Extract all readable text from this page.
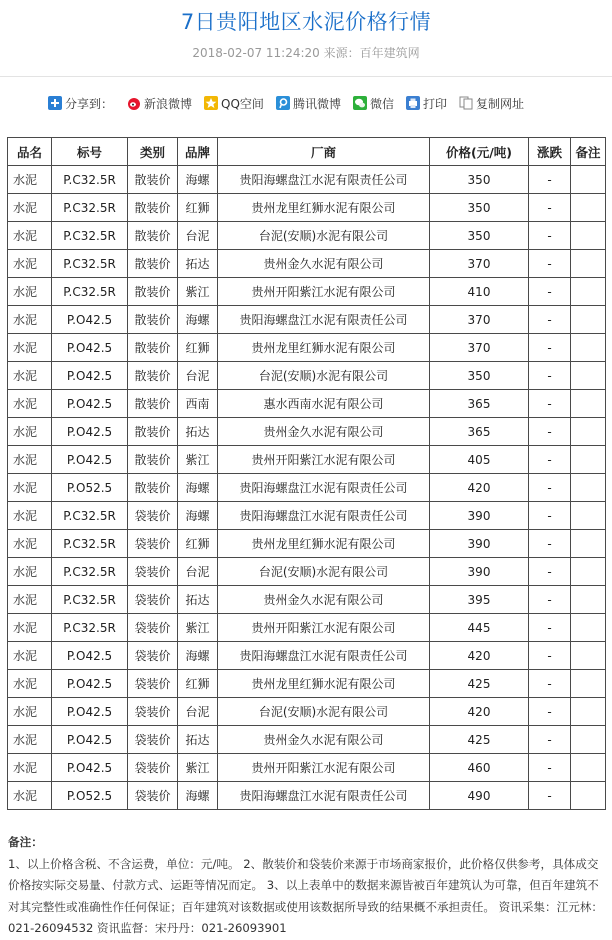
7日贵阳地区水泥价格行情
2018-02-07 11:24:20 来源：百年建筑网
分享到：	新浪微博 QQ空间 腾讯微博 微信 打印 复制网址
品名	标号	类别	品牌	厂商	价格(元/吨)	涨跌	备注
水泥	P.C32.5R	散装价	海螺	贵阳海螺盘江水泥有限责任公司	350	-	
水泥	P.C32.5R	散装价	红狮	贵州龙里红狮水泥有限公司	350	-	
水泥	P.C32.5R	散装价	台泥	台泥(安顺)水泥有限公司	350	-	
水泥	P.C32.5R	散装价	拓达	贵州金久水泥有限公司	370	-	
水泥	P.C32.5R	散装价	紫江	贵州开阳紫江水泥有限公司	410	-	
水泥	P.O42.5	散装价	海螺	贵阳海螺盘江水泥有限责任公司	370	-	
水泥	P.O42.5	散装价	红狮	贵州龙里红狮水泥有限公司	370	-	
水泥	P.O42.5	散装价	台泥	台泥(安顺)水泥有限公司	350	-	
水泥	P.O42.5	散装价	西南	惠水西南水泥有限公司	365	-	
水泥	P.O42.5	散装价	拓达	贵州金久水泥有限公司	365	-	
水泥	P.O42.5	散装价	紫江	贵州开阳紫江水泥有限公司	405	-	
水泥	P.O52.5	散装价	海螺	贵阳海螺盘江水泥有限责任公司	420	-	
水泥	P.C32.5R	袋装价	海螺	贵阳海螺盘江水泥有限责任公司	390	-	
水泥	P.C32.5R	袋装价	红狮	贵州龙里红狮水泥有限公司	390	-	
水泥	P.C32.5R	袋装价	台泥	台泥(安顺)水泥有限公司	390	-	
水泥	P.C32.5R	袋装价	拓达	贵州金久水泥有限公司	395	-	
水泥	P.C32.5R	袋装价	紫江	贵州开阳紫江水泥有限公司	445	-	
水泥	P.O42.5	袋装价	海螺	贵阳海螺盘江水泥有限责任公司	420	-	
水泥	P.O42.5	袋装价	红狮	贵州龙里红狮水泥有限公司	425	-	
水泥	P.O42.5	袋装价	台泥	台泥(安顺)水泥有限公司	420	-	
水泥	P.O42.5	袋装价	拓达	贵州金久水泥有限公司	425	-	
水泥	P.O42.5	袋装价	紫江	贵州开阳紫江水泥有限公司	460	-	
水泥	P.O52.5	袋装价	海螺	贵阳海螺盘江水泥有限责任公司	490	-	
备注：
1、以上价格含税、不含运费，单位：元/吨。 2、散装价和袋装价来源于市场商家报价，此价格仅供参考，具体成交价格按实际交易量、付款方式、运距等情况而定。 3、以上表单中的数据来源皆被百年建筑认为可靠，但百年建筑不对其完整性或准确性作任何保证；百年建筑对该数据或使用该数据所导致的结果概不承担责任。 资讯采集：江元林：021-26094532 资讯监督：宋丹丹：021-26093901
